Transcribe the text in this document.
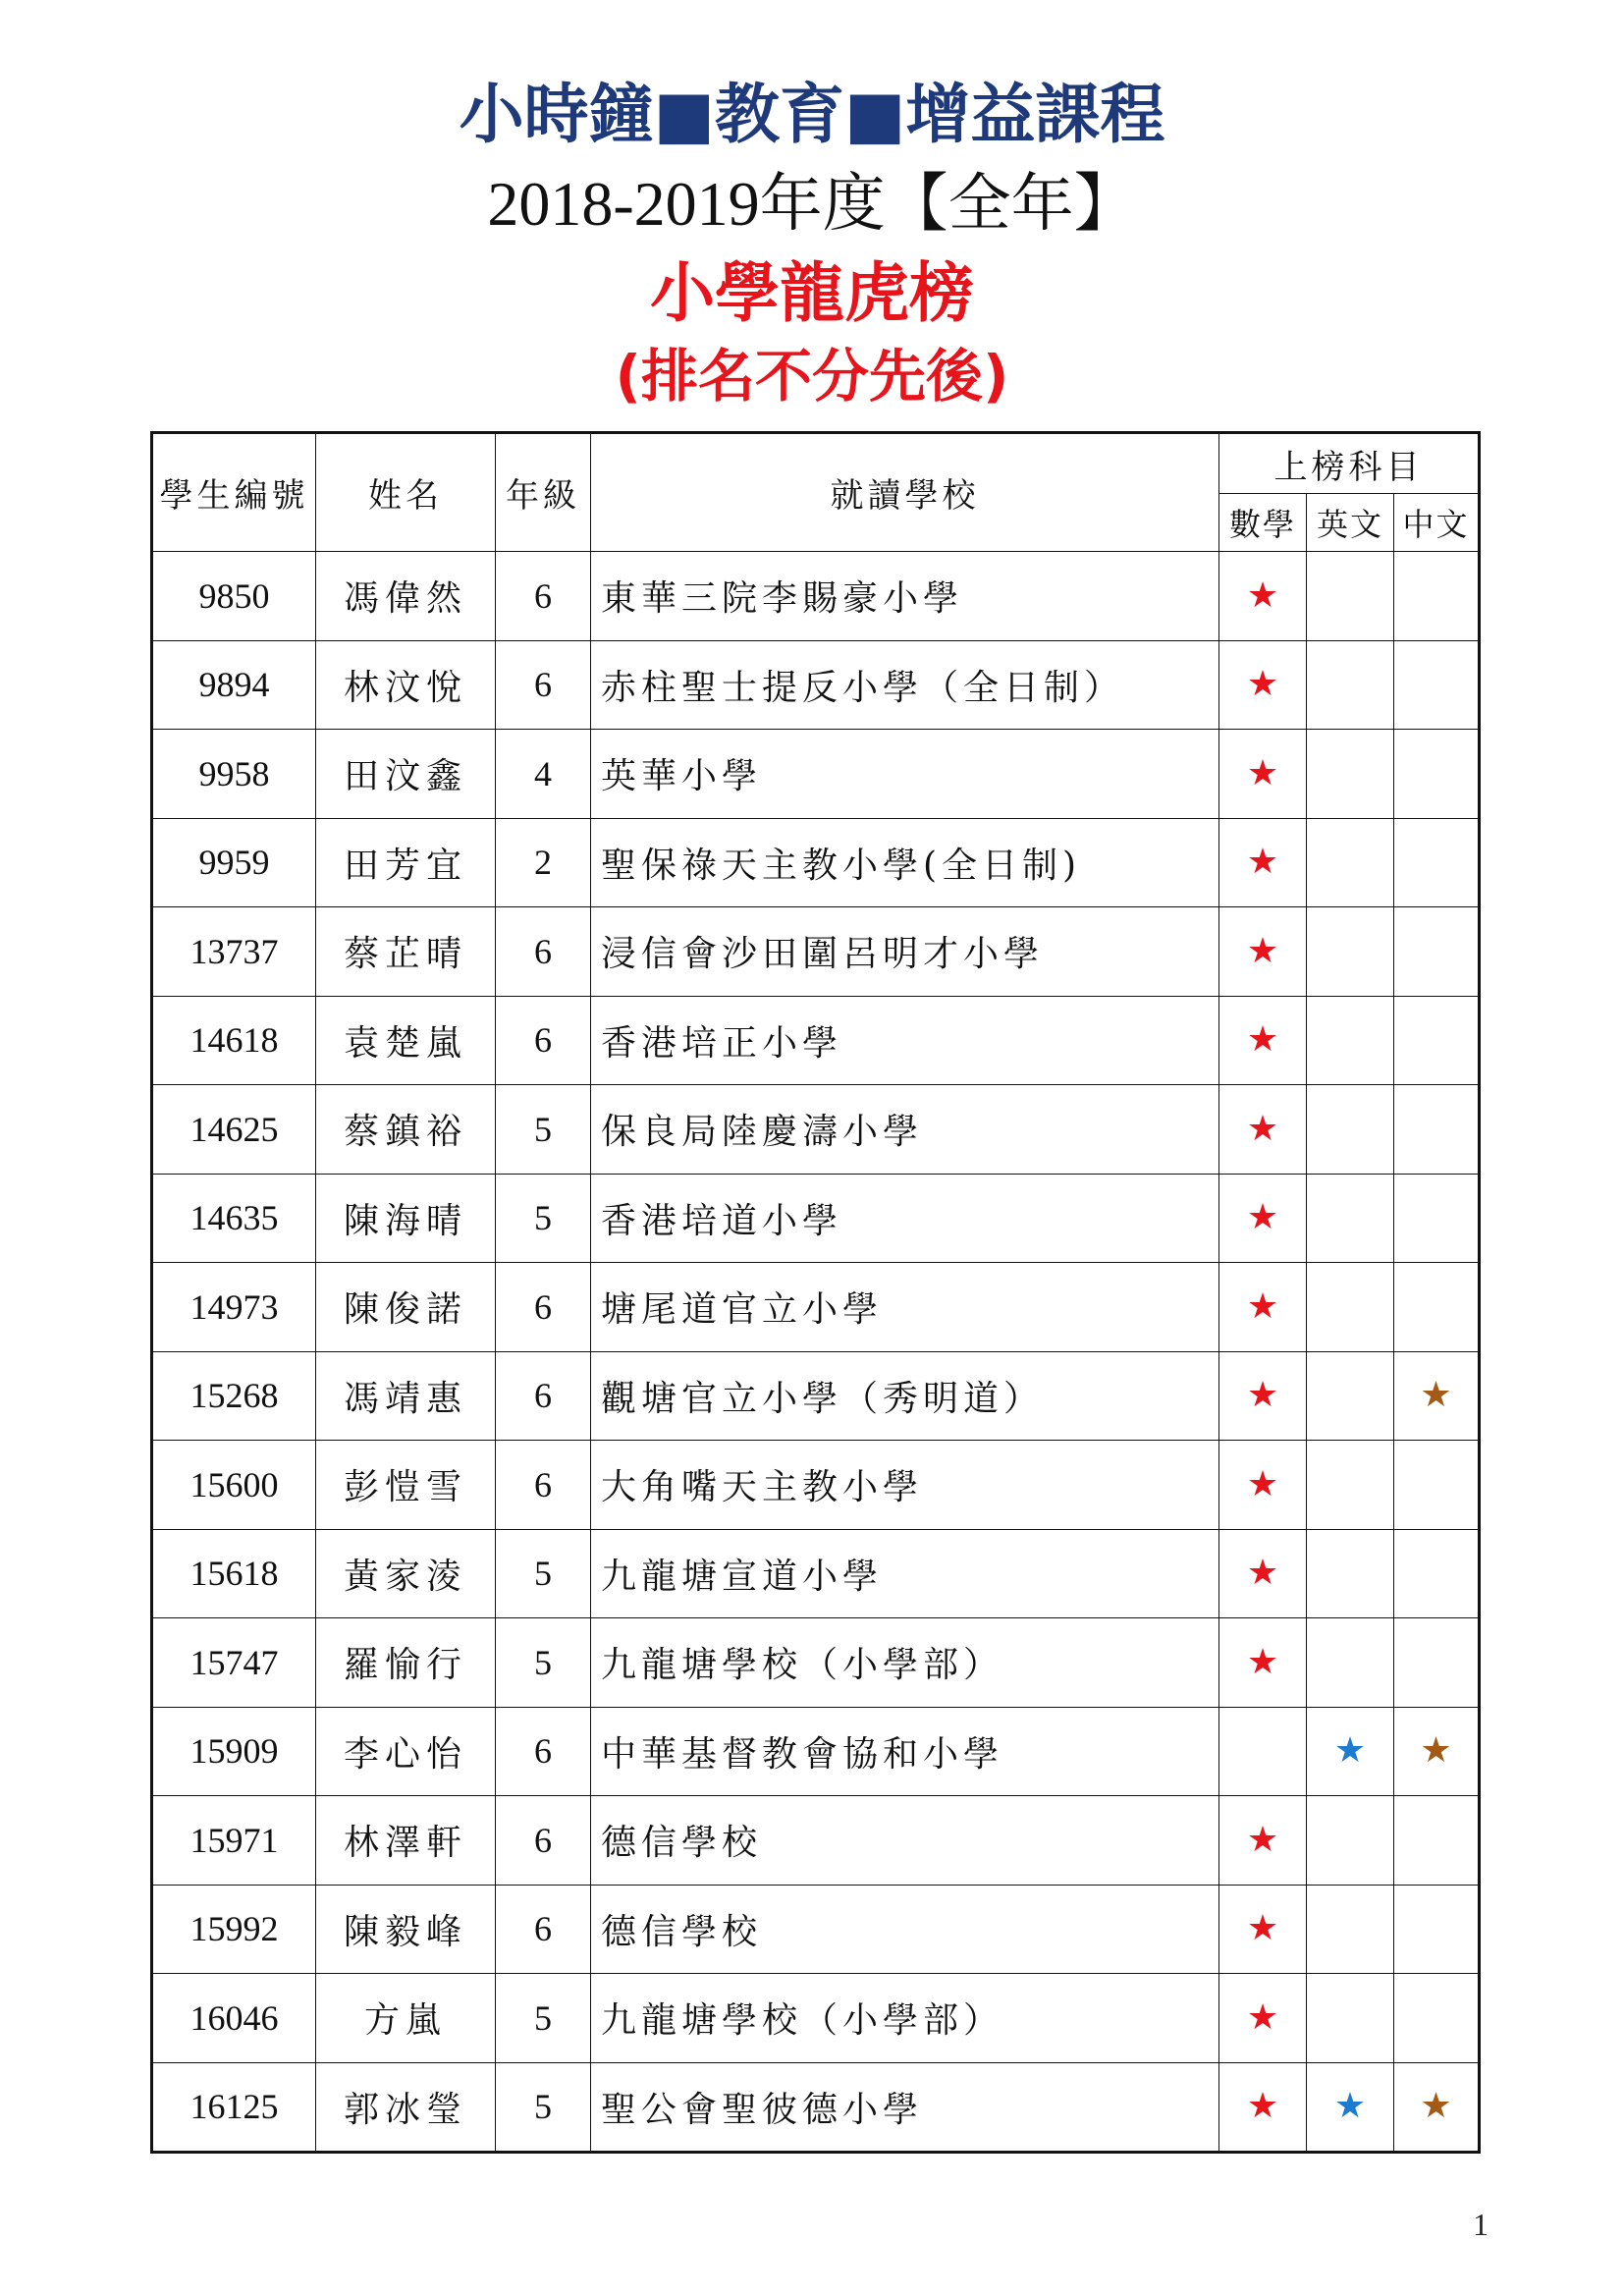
小時鐘■教育■增益課程
2018-2019年度【全年】
小學龍虎榜
(排名不分先後)
學生編號	姓名	年級	就讀學校	上榜科目		
				數學	英文	中文
9850	馮偉然	6	東華三院李賜豪小學	★		
9894	林汶悅	6	赤柱聖士提反小學（全日制）	★		
9958	田汶鑫	4	英華小學	★		
9959	田芳宜	2	聖保祿天主教小學(全日制)	★		
13737	蔡芷晴	6	浸信會沙田圍呂明才小學	★		
14618	袁楚嵐	6	香港培正小學	★		
14625	蔡鎮裕	5	保良局陸慶濤小學	★		
14635	陳海晴	5	香港培道小學	★		
14973	陳俊諾	6	塘尾道官立小學	★		
15268	馮靖惠	6	觀塘官立小學（秀明道）	★		★
15600	彭愷雪	6	大角嘴天主教小學	★		
15618	黃家淩	5	九龍塘宣道小學	★		
15747	羅愉行	5	九龍塘學校（小學部）	★		
15909	李心怡	6	中華基督教會協和小學		★	★
15971	林澤軒	6	德信學校	★		
15992	陳毅峰	6	德信學校	★		
16046	方嵐	5	九龍塘學校（小學部）	★		
16125	郭冰瑩	5	聖公會聖彼德小學	★	★	★
1
